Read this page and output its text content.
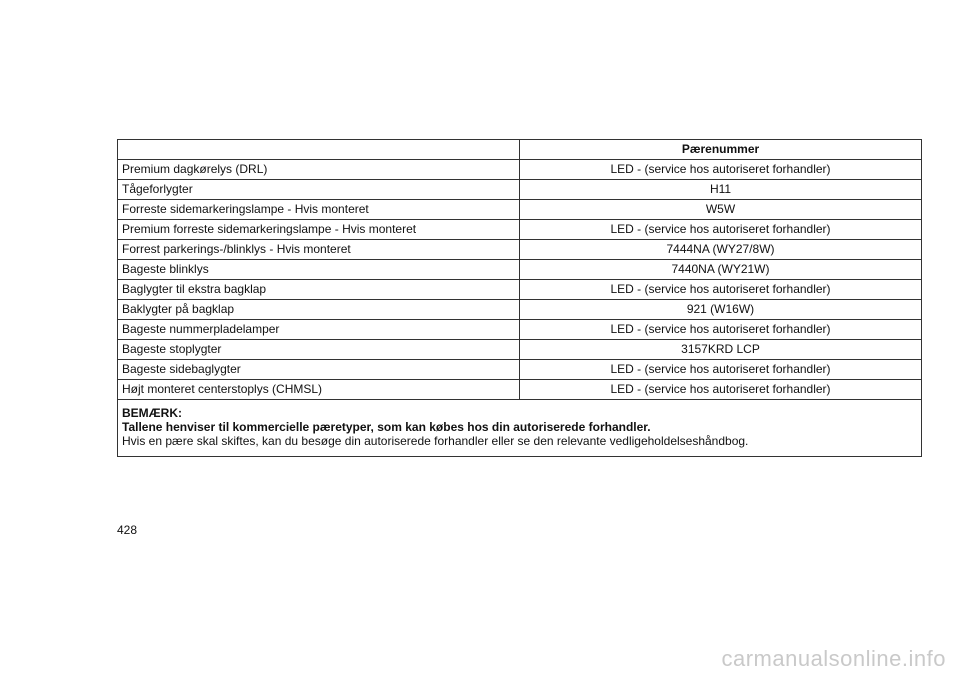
	Pærenummer
Premium dagkørelys (DRL)	LED - (service hos autoriseret forhandler)
Tågeforlygter	H11
Forreste sidemarkeringslampe - Hvis monteret	W5W
Premium forreste sidemarkeringslampe - Hvis monteret	LED - (service hos autoriseret forhandler)
Forrest parkerings-/blinklys - Hvis monteret	7444NA (WY27/8W)
Bageste blinklys	7440NA (WY21W)
Baglygter til ekstra bagklap	LED - (service hos autoriseret forhandler)
Baklygter på bagklap	921 (W16W)
Bageste nummerpladelamper	LED - (service hos autoriseret forhandler)
Bageste stoplygter	3157KRD LCP
Bageste sidebaglygter	LED - (service hos autoriseret forhandler)
Højt monteret centerstoplys (CHMSL)	LED - (service hos autoriseret forhandler)

BEMÆRK:
Tallene henviser til kommercielle pæretyper, som kan købes hos din autoriserede forhandler.
Hvis en pære skal skiftes, kan du besøge din autoriserede forhandler eller se den relevante vedligeholdelseshåndbog.	
428
carmanualsonline.info
